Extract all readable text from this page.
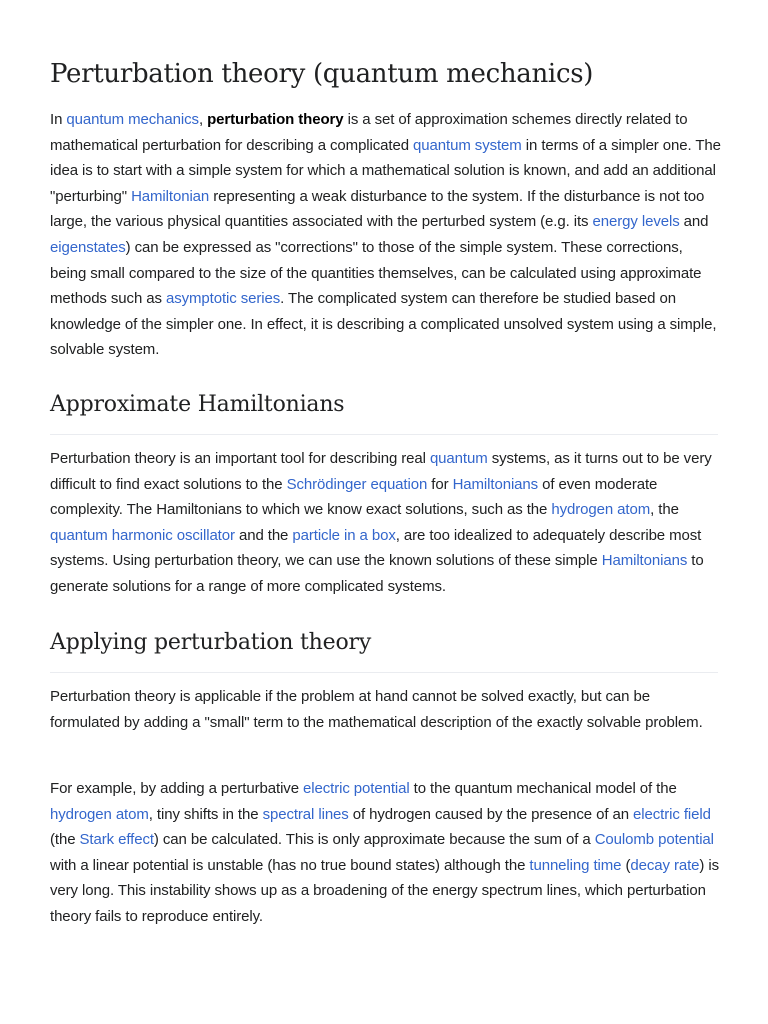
Perturbation theory (quantum mechanics)

In quantum mechanics, perturbation theory is a set of approximation schemes directly related to mathematical perturbation for describing a complicated quantum system in terms of a simpler one. The idea is to start with a simple system for which a mathematical solution is known, and add an additional "perturbing" Hamiltonian representing a weak disturbance to the system. If the disturbance is not too large, the various physical quantities associated with the perturbed system (e.g. its energy levels and eigenstates) can be expressed as "corrections" to those of the simple system. These corrections, being small compared to the size of the quantities themselves, can be calculated using approximate methods such as asymptotic series. The complicated system can therefore be studied based on knowledge of the simpler one. In effect, it is describing a complicated unsolved system using a simple, solvable system.

Approximate Hamiltonians

Perturbation theory is an important tool for describing real quantum systems, as it turns out to be very difficult to find exact solutions to the Schrödinger equation for Hamiltonians of even moderate complexity. The Hamiltonians to which we know exact solutions, such as the hydrogen atom, the quantum harmonic oscillator and the particle in a box, are too idealized to adequately describe most systems. Using perturbation theory, we can use the known solutions of these simple Hamiltonians to generate solutions for a range of more complicated systems.

Applying perturbation theory

Perturbation theory is applicable if the problem at hand cannot be solved exactly, but can be formulated by adding a "small" term to the mathematical description of the exactly solvable problem.

For example, by adding a perturbative electric potential to the quantum mechanical model of the hydrogen atom, tiny shifts in the spectral lines of hydrogen caused by the presence of an electric field (the Stark effect) can be calculated. This is only approximate because the sum of a Coulomb potential with a linear potential is unstable (has no true bound states) although the tunneling time (decay rate) is very long. This instability shows up as a broadening of the energy spectrum lines, which perturbation theory fails to reproduce entirely.
